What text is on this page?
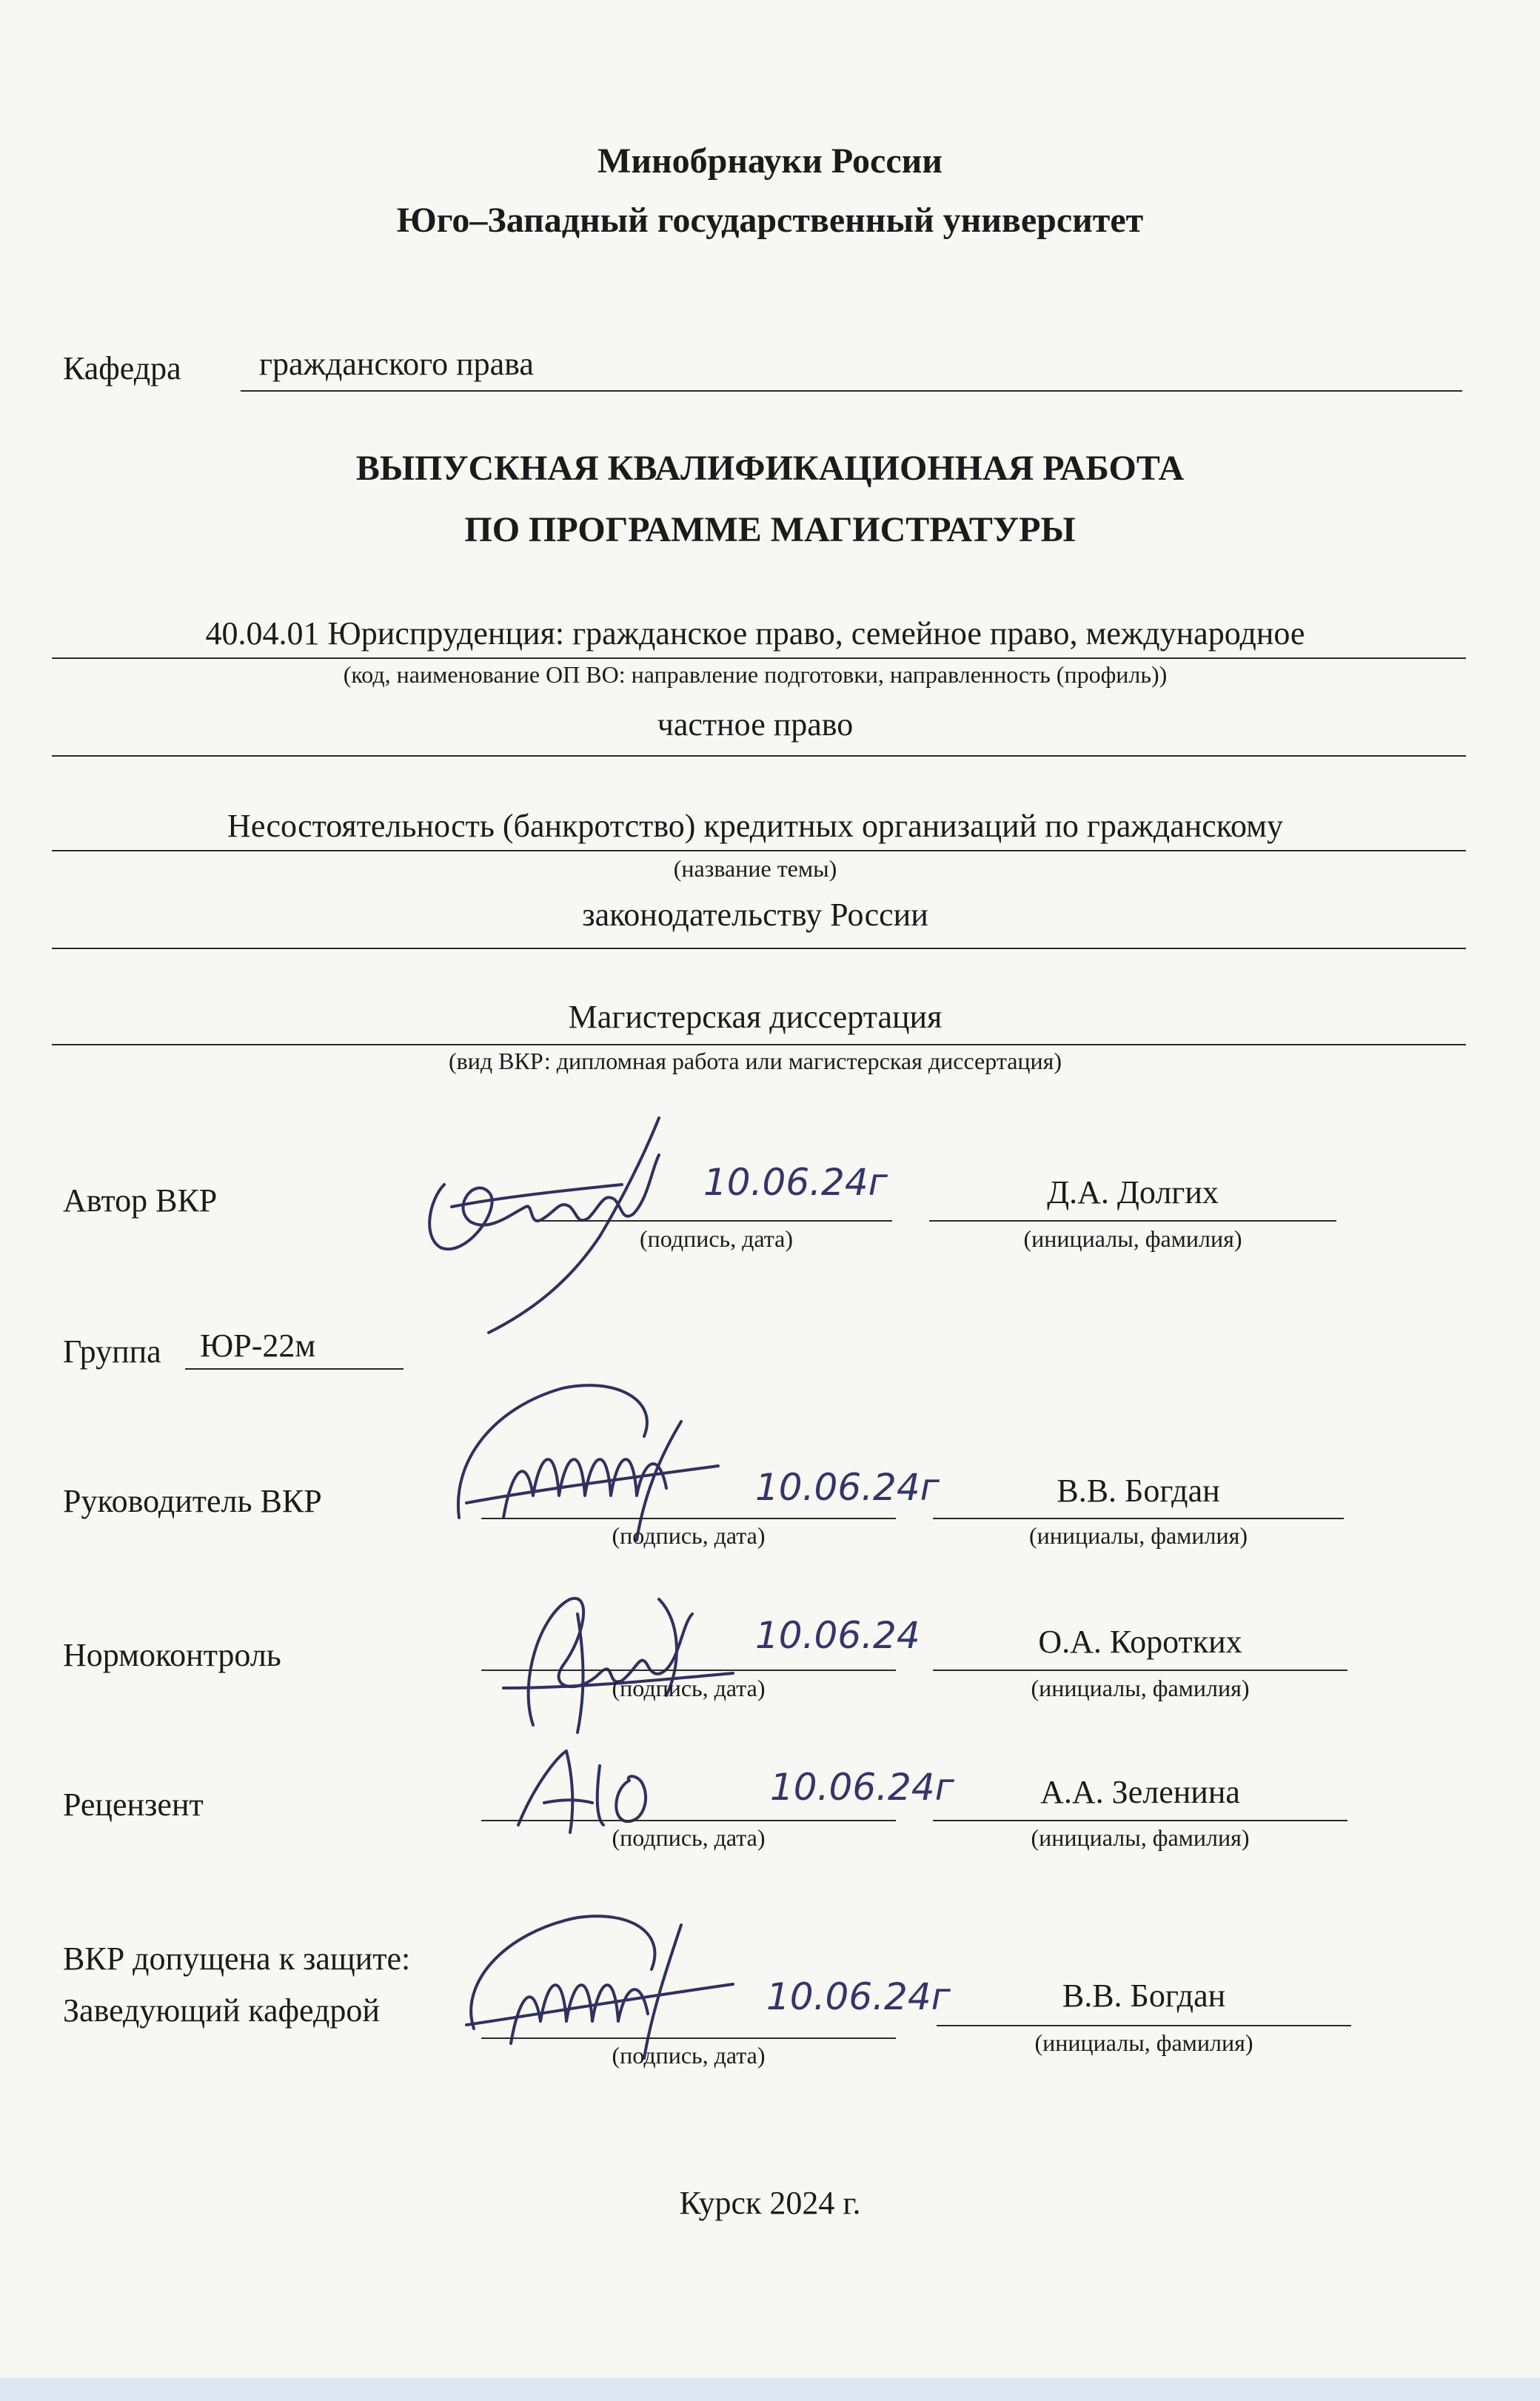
Минобрнауки России
Юго–Западный государственный университет
Кафедра гражданского права
ВЫПУСКНАЯ КВАЛИФИКАЦИОННАЯ РАБОТА
ПО ПРОГРАММЕ МАГИСТРАТУРЫ
40.04.01 Юриспруденция: гражданское право, семейное право, международное
(код, наименование ОП ВО: направление подготовки, направленность (профиль))
частное право
Несостоятельность (банкротство) кредитных организаций по гражданскому
(название темы)
законодательству России
Магистерская диссертация
(вид ВКР: дипломная работа или магистерская диссертация)
Автор ВКР	10.06.24г
(подпись, дата)
Д.А. Долгих
(инициалы, фамилия)
Группа ЮР-22м
Руководитель ВКР	10.06.24г
(подпись, дата)
В.В. Богдан
(инициалы, фамилия)
Нормоконтроль	10.06.24
(подпись, дата)
О.А. Коротких
(инициалы, фамилия)
Рецензент	10.06.24г
(подпись, дата)
А.А. Зеленина
(инициалы, фамилия)
ВКР допущена к защите:
Заведующий кафедрой	10.06.24г
(подпись, дата)
В.В. Богдан
(инициалы, фамилия)
Курск 2024 г.
